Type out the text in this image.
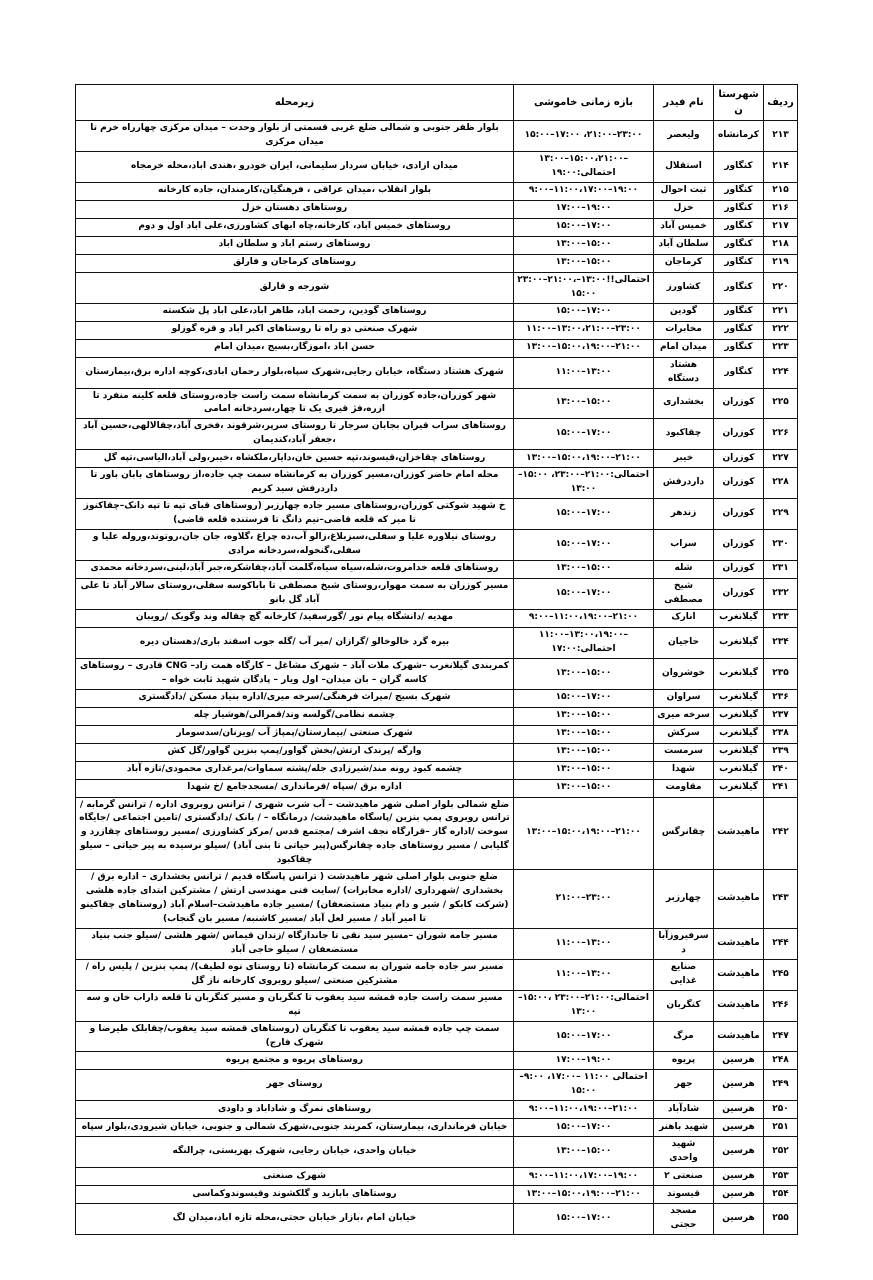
ردیف	شهرستان	نام فیدر	بازه زمانی خاموشی	زیرمحله
۲۱۳	کرمانشاه	ولیعصر	۱۵:۰۰–۱۷:۰۰ ،۲۱:۰۰–۲۳:۰۰	بلوار ظفر جنوبی و شمالی ضلع غربی قسمتی از بلوار وحدت – میدان مرکزی چهارراه خرم تا میدان مرکزی
۲۱۴	کنگاور	استقلال	۱۳:۰۰–۱۵:۰۰،۲۱:۰۰–۱۹:۰۰:احتمالی	میدان ازادی، خیابان سردار سلیمانی، ایران خودرو ،هندی اباد،محله خرمجاه
۲۱۵	کنگاور	ثبت احوال	۹:۰۰–۱۱:۰۰،۱۷:۰۰–۱۹:۰۰	بلوار انقلاب ،میدان عراقی ، فرهنگیان،کارمندان، جاده کارخانه
۲۱۶	کنگاور	خزل	۱۷:۰۰–۱۹:۰۰	روستاهای دهستان خزل
۲۱۷	کنگاور	خمیس آباد	۱۵:۰۰–۱۷:۰۰	روستاهای خمیس اباد، کارخانه،چاه ابهای کشاورزی،علی اباد اول و دوم
۲۱۸	کنگاور	سلطان آباد	۱۳:۰۰–۱۵:۰۰	روستاهای رستم اباد و سلطان اباد
۲۱۹	کنگاور	کرماجان	۱۳:۰۰–۱۵:۰۰	روستاهای کرماجان و فارلق
۲۲۰	کنگاور	کشاورز	۲۳:۰۰–۲۱:۰۰،احتمالی!!۱۳:۰۰–۱۵:۰۰	شورجه و قارلق
۲۲۱	کنگاور	گودین	۱۵:۰۰–۱۷:۰۰	روستاهای گودین، رحمت اباد، طاهر اباد،علی اباد پل شکسته
۲۲۲	کنگاور	مخابرات	۱۱:۰۰–۱۳:۰۰،۲۱:۰۰–۲۳:۰۰	شهرک صنعتی دو راه تا روستاهای اکبر اباد و قره گوزلو
۲۲۳	کنگاور	میدان امام	۱۳:۰۰–۱۵:۰۰،۱۹:۰۰–۲۱:۰۰	حسن اباد ،اموزگار،بسیج ،میدان امام
۲۲۴	کنگاور	هشتاد دستگاه	۱۱:۰۰–۱۳:۰۰	شهرک هشتاد دستگاه، خیابان رجایی،شهرک سپاه،بلوار رحمان ابادی،کوچه اداره برق،بیمارستان
۲۲۵	کوزران	بخشداری	۱۳:۰۰–۱۵:۰۰	شهر کوزران،جاده کوزران به سمت کرمانشاه سمت راست جاده،روستای قلعه کلینه منفرد تا ازره،فژ قیری یک تا چهار،سردخانه امامی
۲۲۶	کوزران	چقاکبود	۱۵:۰۰–۱۷:۰۰	روستاهای سراب قیران بجابان سرجار تا روستای سرپر،شرقوند ،فخری آباد،چقالالهی،حسین آباد ،جعفر آباد،کندیمان
۲۲۷	کوزران	خیبر	۱۳:۰۰–۱۵:۰۰،۱۹:۰۰–۲۱:۰۰	روستاهای چقاخزان،قیسوند،تپه حسین خان،دایار،ملکشاه ،خیبر،ولی آباد،الیاسی،تپه گل
۲۲۸	کوزران	داردرفش	احتمالی:۲۱:۰۰–۲۳:۰۰، ۱۵:۰۰–۱۳:۰۰	محله امام حاضر کوزران،مسیر کوزران به کرمانشاه سمت چپ جاده،از روستاهای بابان باور تا داردرفش سید کریم
۲۲۹	کوزران	زندهر	۱۵:۰۰–۱۷:۰۰	خ شهید شوکتی کوزران،روستاهای مسیر جاده چهارزبر (روستاهای قبای تپه تا تپه دانک–چقاکنوز تا میر که قلعه قاضی–نیم دانگ تا فرستنده قلعه قاضی)
۲۳۰	کوزران	سراب	۱۵:۰۰–۱۷:۰۰	روستای نیلاوره علیا و سفلی،سبزبلاغ،زالو آب،ده چراغ ،گلاوه، جان جان،روتوند،وروله علیا و سفلی،گنخوله،سردخانه مرادی
۲۳۱	کوزران	شله	۱۳:۰۰–۱۵:۰۰	روستاهای قلعه خدامروت،شله،سیاه سیاه،گلمت آباد،چقاشکره،جبر آباد،لینی،سردخانه محمدی
۲۳۲	کوزران	شیخ مصطفی	۱۵:۰۰–۱۷:۰۰	مسیر کوزران به سمت مهوار،روستای شیخ مصطفی تا باباکوسه سفلی،روستای سالار آباد تا علی آباد گل بانو
۲۳۳	گیلانغرب	انارک	۹:۰۰–۱۱:۰۰،۱۹:۰۰–۲۱:۰۰	مهدیه /دانشگاه پیام نور /گورسفید/ کارخانه گچ چقاله وند وگویک /رویبان
۲۳۴	گیلانغرب	حاجیان	۱۱:۰۰–۱۳:۰۰،۱۹:۰۰–۱۷:۰۰:احتمالی	بیره گرد خالوخالو /گرازان /میر آب /گله جوب اسفند باری/دهستان دیره
۲۳۵	گیلانغرب	خوشروان	۱۳:۰۰–۱۵:۰۰	کمربندی گیلانغرب –شهرک ملات آباد – شهرک مشاغل – کارگاه همت زاد– CNG قادری – روستاهای کاسه گران – بان میدان– اول ویار – پادگان شهید ثابت خواه –
۲۳۶	گیلانغرب	سراوان	۱۵:۰۰–۱۷:۰۰	شهرک بسیج /میراث فرهنگی/سرخه میری/اداره بنیاد مسکن /دادگستری
۲۳۷	گیلانغرب	سرخه میری	۱۳:۰۰–۱۵:۰۰	چشمه نظامی/گولسه وند/قمرالی/هوشیار چله
۲۳۸	گیلانغرب	سرکش	۱۳:۰۰–۱۵:۰۰	شهرک صنعتی /بیمارستان/پمپاژ آب /ویزنان/سدسومار
۲۳۹	گیلانغرب	سرمست	۱۳:۰۰–۱۵:۰۰	وارگه /پرندک ارتش/بخش گواور/پمپ بنزین گواور/گل کش
۲۴۰	گیلانغرب	شهدا	۱۳:۰۰–۱۵:۰۰	چشمه کبود رونه مند/شیرزادی جله/پشته سماوات/مرغداری محمودی/تازه آباد
۲۴۱	گیلانغرب	مقاومت	۱۳:۰۰–۱۵:۰۰	اداره برق /سپاه /فرمانداری /مسجدجامع /خ شهدا
۲۴۲	ماهیدشت	چقانرگس	۱۳:۰۰–۱۵:۰۰،۱۹:۰۰–۲۱:۰۰	ضلع شمالی بلوار اصلی شهر ماهیدشت – آب شرب شهری / ترانس روبروی اداره / ترانس گرمابه /ترانس روبروی پمپ بنزین /پاسگاه ماهیدشت/ درمانگاه – / بانک /دادگستری /تامین اجتماعی /جایگاه سوخت /اداره گاز –قرارگاه نجف اشرف /مجتمع قدس /مرکز کشاورزی /مسیر روستاهای چقازرد و گلیابی / مسیر روستاهای جاده چقانرگس(پیر حیاتی تا بنی آباد) /سیلو نرسیده به پیر حیاتی – سیلو چقاکبود
۲۴۳	ماهیدشت	چهارزبر	۲۱:۰۰–۲۳:۰۰	ضلع جنوبی بلوار اصلی شهر ماهیدشت ( ترانس پاسگاه قدیم / ترانس بخشداری – اداره برق /بخشداری /شهرداری /اداره مخابرات) /سایت فنی مهندسی ارتش / مشترکین ابتدای جاده هلشی (شرکت کابکو / شیر و دام بنیاد مستضعفان) /مسیر جاده ماهیدشت–اسلام آباد (روستاهای چقاکینو تا امیر آباد / مسیر لعل آباد /مسیر کاشنبه/ مسیر بان گنجاب)
۲۴۴	ماهیدشت	سرفیروزآباد	۱۱:۰۰–۱۳:۰۰	مسیر جامه شوران –مسیر سید نقی تا جاندازگاه /زندان قیماس /شهر هلشی /سیلو جنب بنیاد مستضعفان / سیلو حاجی آباد
۲۴۵	ماهیدشت	صنایع غذایی	۱۱:۰۰–۱۳:۰۰	مسیر سر جاده جامه شوران به سمت کرمانشاه (تا روستای نوه لطیف)/ پمپ بنزین / پلیس راه /مشترکین صنعتی /سیلو روبروی کارخانه ناز گل
۲۴۶	ماهیدشت	کنگربان	احتمالی:۲۱:۰۰–۲۳:۰۰ ،۱۵:۰۰–۱۳:۰۰	مسیر سمت راست جاده قمشه سید یعقوب تا کنگربان و مسیر کنگربان تا قلعه داراب خان و سه تپه
۲۴۷	ماهیدشت	مرگ	۱۵:۰۰–۱۷:۰۰	سمت چپ جاده قمشه سید یعقوب تا کنگربان (روستاهای قمشه سید یعقوب/چقابلک طیرضا و شهرک فارج)
۲۴۸	هرسین	پریوه	۱۷:۰۰–۱۹:۰۰	روستاهای پریوه و مجتمع پریوه
۲۴۹	هرسین	جهر	احتمالی ۱۱:۰۰ –۱۷:۰۰، ۹:۰۰–۱۵:۰۰	روستای جهر
۲۵۰	هرسین	شادآباد	۹:۰۰–۱۱:۰۰،۱۹:۰۰–۲۱:۰۰	روستاهای نمرگ و شاداباد و داودی
۲۵۱	هرسین	شهید باهنر	۱۵:۰۰–۱۷:۰۰	خیابان فرمانداری، بیمارستان، کمربند جنوبی،شهرک شمالی و جنوبی، خیابان شیرودی،بلوار سپاه
۲۵۲	هرسین	شهید واحدی	۱۳:۰۰–۱۵:۰۰	خیابان واحدی، خیابان رجایی، شهرک بهزیستی، چرالنگه
۲۵۳	هرسین	صنعتی ۲	۹:۰۰–۱۱:۰۰،۱۷:۰۰–۱۹:۰۰	شهرک صنعتی
۲۵۴	هرسین	قیسوند	۱۳:۰۰–۱۵:۰۰،۱۹:۰۰–۲۱:۰۰	روستاهای بابازید و گلکشوند وقیسوندوکماسی
۲۵۵	هرسین	مسجد حجتی	۱۵:۰۰–۱۷:۰۰	خیابان امام ،بازار خیابان حجتی،محله تازه اباد،میدان لگ
